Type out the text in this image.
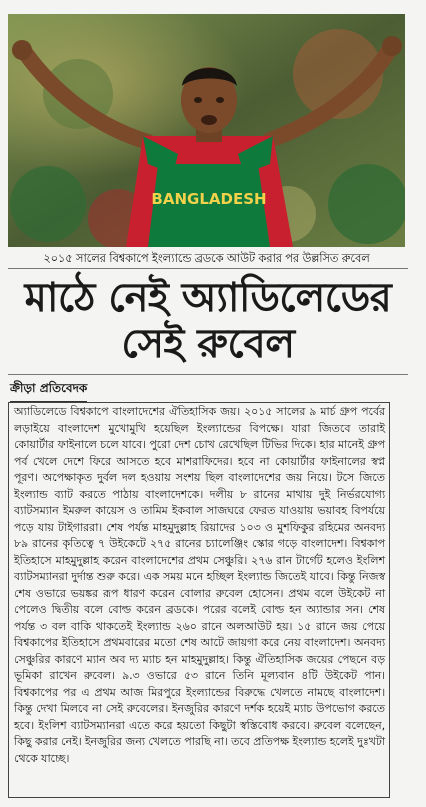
BANGLADESH
২০১৫ সালের বিশ্বকাপে ইংল্যান্ডে ব্রডকে আউট করার পর উল্লসিত রুবেল
মাঠে নেই অ্যাডিলেডের
সেই রুবেল
ক্রীড়া প্রতিবেদক
অ্যাডিলেডে বিশ্বকাপে বাংলাদেশের ঐতিহাসিক জয়। ২০১৫ সালের ৯ মার্চ গ্রুপ পর্বের লড়াইয়ে বাংলাদেশ মুখোমুখি হয়েছিল ইংল্যান্ডের বিপক্ষে। যারা জিতবে তারাই কোয়ার্টার ফাইনালে চলে যাবে। পুরো দেশ চোখ রেখেছিল টিভির দিকে। হার মানেই গ্রুপ পর্ব খেলে দেশে ফিরে আসতে হবে মাশরাফিদের। হবে না কোয়ার্টার ফাইনালের স্বপ্ন পূরণ। অপেক্ষাকৃত দুর্বল দল হওয়ায় সংশয় ছিল বাংলাদেশের জয় নিয়ে। টসে জিতে ইংল্যান্ড ব্যাট করতে পাঠায় বাংলাদেশকে। দলীয় ৮ রানের মাথায় দুই নির্ভরযোগ্য ব্যাটসম্যান ইমরুল কায়েস ও তামিম ইকবাল সাজঘরে ফেরত যাওয়ায় ভয়াবহ বিপর্যয়ে পড়ে যায় টাইগাররা। শেষ পর্যন্ত মাহমুদুল্লাহ রিয়াদের ১০৩ ও মুশফিকুর রহিমের অনবদ্য ৮৯ রানের কৃতিত্বে ৭ উইকেটে ২৭৫ রানের চ্যালেঞ্জিং স্কোর গড়ে বাংলাদেশ। বিশ্বকাপ ইতিহাসে মাহমুদুল্লাহ করেন বাংলাদেশের প্রথম সেঞ্চুরি। ২৭৬ রান টার্গেট হলেও ইংলিশ ব্যাটসম্যানরা দুর্দান্ত শুরু করে। এক সময় মনে হচ্ছিল ইংল্যান্ড জিতেই যাবে। কিন্তু নিজস্ব শেষ ওভারে ভয়ঙ্কর রূপ ধারণ করেন বোলার রুবেল হোসেন। প্রথম বলে উইকেট না পেলেও দ্বিতীয় বলে বোল্ড করেন ব্রডকে। পরের বলেই বোল্ড হন অ্যান্ডার সন। শেষ পর্যন্ত ৩ বল বাকি থাকতেই ইংল্যান্ড ২৬০ রানে অলআউট হয়। ১৫ রানে জয় পেয়ে বিশ্বকাপের ইতিহাসে প্রথমবারের মতো শেষ আটে জায়গা করে নেয় বাংলাদেশ। অনবদ্য সেঞ্চুরির কারণে ম্যান অব দ্য ম্যাচ হন মাহমুদুল্লাহ। কিন্তু ঐতিহাসিক জয়ের পেছনে বড় ভূমিকা রাখেন রুবেল। ৯.৩ ওভারে ৫৩ রানে তিনি মূল্যবান ৪টি উইকেট পান। বিশ্বকাপের পর এ প্রথম আজ মিরপুরে ইংল্যান্ডের বিরুদ্ধে খেলতে নামছে বাংলাদেশ। কিন্তু দেখা মিলবে না সেই রুবেলের। ইনজুরির কারণে দর্শক হয়েই ম্যাচ উপভোগ করতে হবে। ইংলিশ ব্যাটসম্যানরা এতে করে হয়তো কিছুটা স্বস্তিবোধ করবে। রুবেল বলেছেন, কিছু করার নেই। ইনজুরির জন্য খেলতে পারছি না। তবে প্রতিপক্ষ ইংল্যান্ড হলেই দুঃখটা থেকে যাচ্ছে।
